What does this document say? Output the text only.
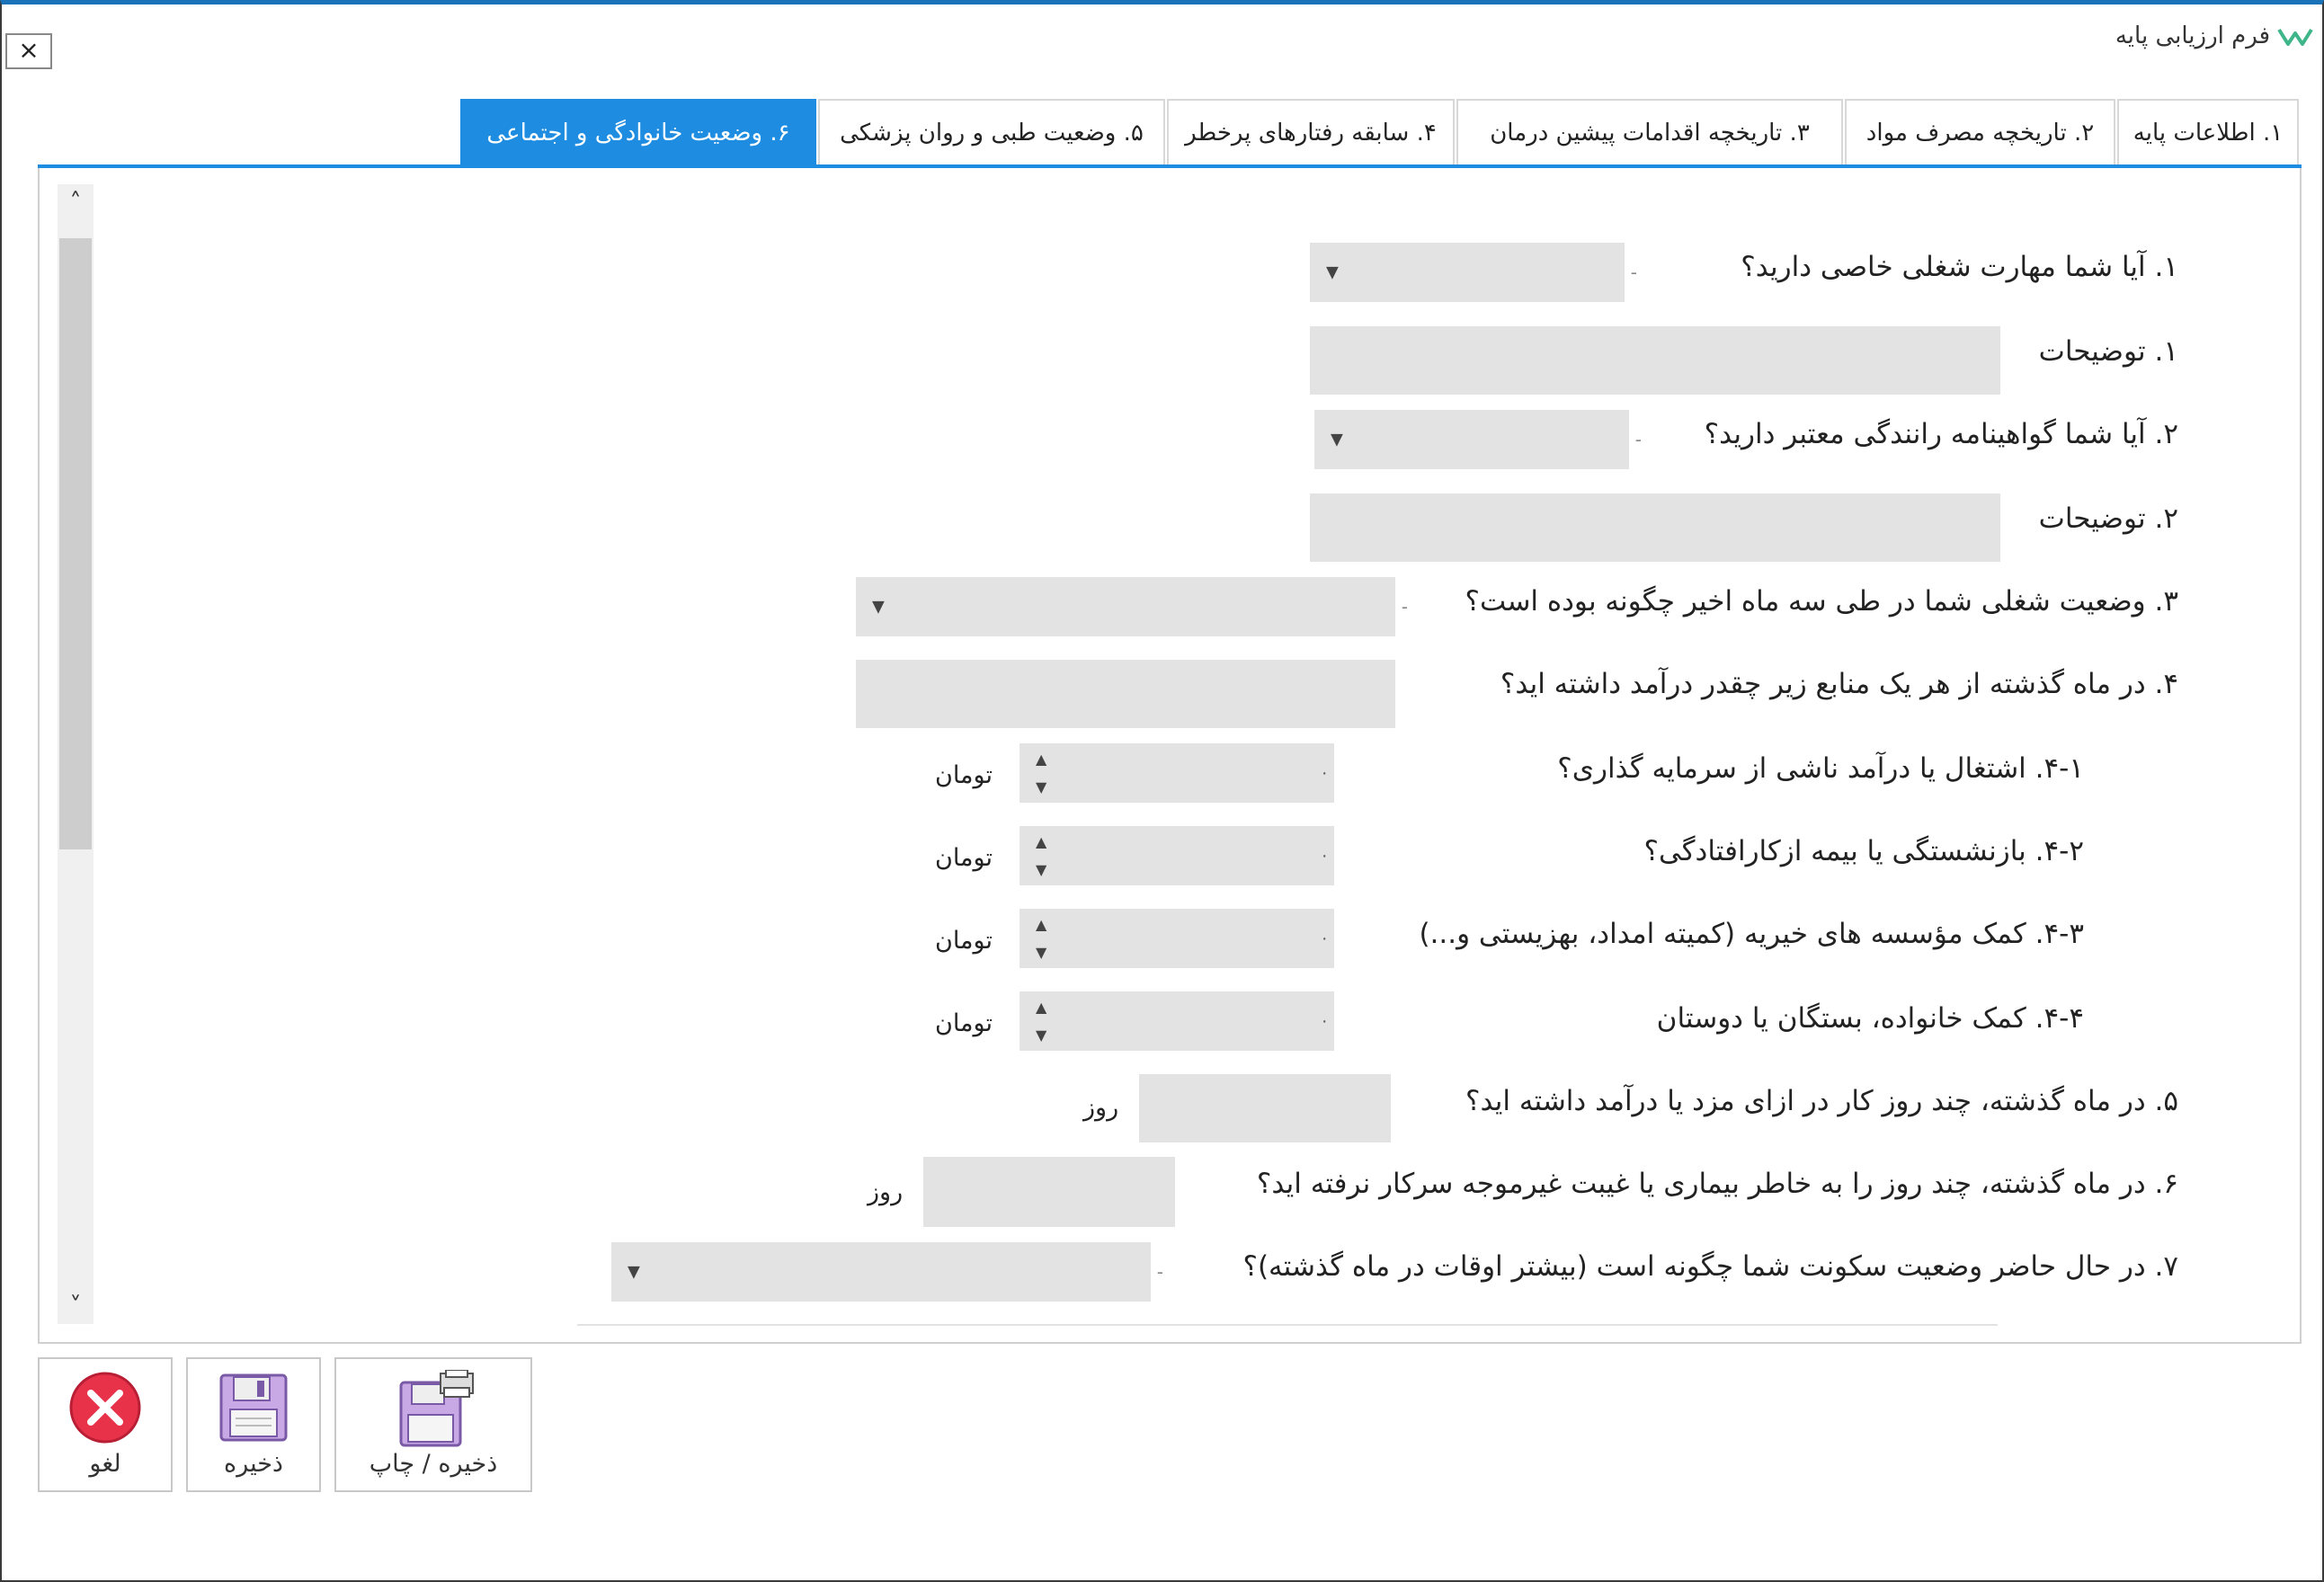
فرم ارزیابی پایه
×
۱. اطلاعات پایه
۲. تاریخچه مصرف مواد
۳. تاریخچه اقدامات پیشین درمان
۴. سابقه رفتارهای پرخطر
۵. وضعیت طبی و روان پزشکی
۶. وضعیت خانوادگی و اجتماعی
˄
˅
۱. آیا شما مهارت شغلی خاصی دارید؟
▼	-
۱. توضیحات
۲. آیا شما گواهینامه رانندگی معتبر دارید؟
▼	-
۲. توضیحات
۳. وضعیت شغلی شما در طی سه ماه اخیر چگونه بوده است؟
▼	-
۴. در ماه گذشته از هر یک منابع زیر چقدر درآمد داشته اید؟
۴-۱. اشتغال یا درآمد ناشی از سرمایه گذاری؟
▲
▼
۰
تومان
۴-۲. بازنشستگی یا بیمه ازکارافتادگی؟
▲
▼
۰
تومان
۴-۳. کمک مؤسسه های خیریه (کمیته امداد، بهزیستی و...)
▲
▼
۰
تومان
۴-۴. کمک خانواده، بستگان یا دوستان
▲
▼
۰
تومان
۵. در ماه گذشته، چند روز کار در ازای مزد یا درآمد داشته اید؟
روز
۶. در ماه گذشته، چند روز را به خاطر بیماری یا غیبت غیرموجه سرکار نرفته اید؟
روز
۷. در حال حاضر وضعیت سکونت شما چگونه است (بیشتر اوقات در ماه گذشته)؟
▼	-
لغو	ذخیره	ذخیره / چاپ
